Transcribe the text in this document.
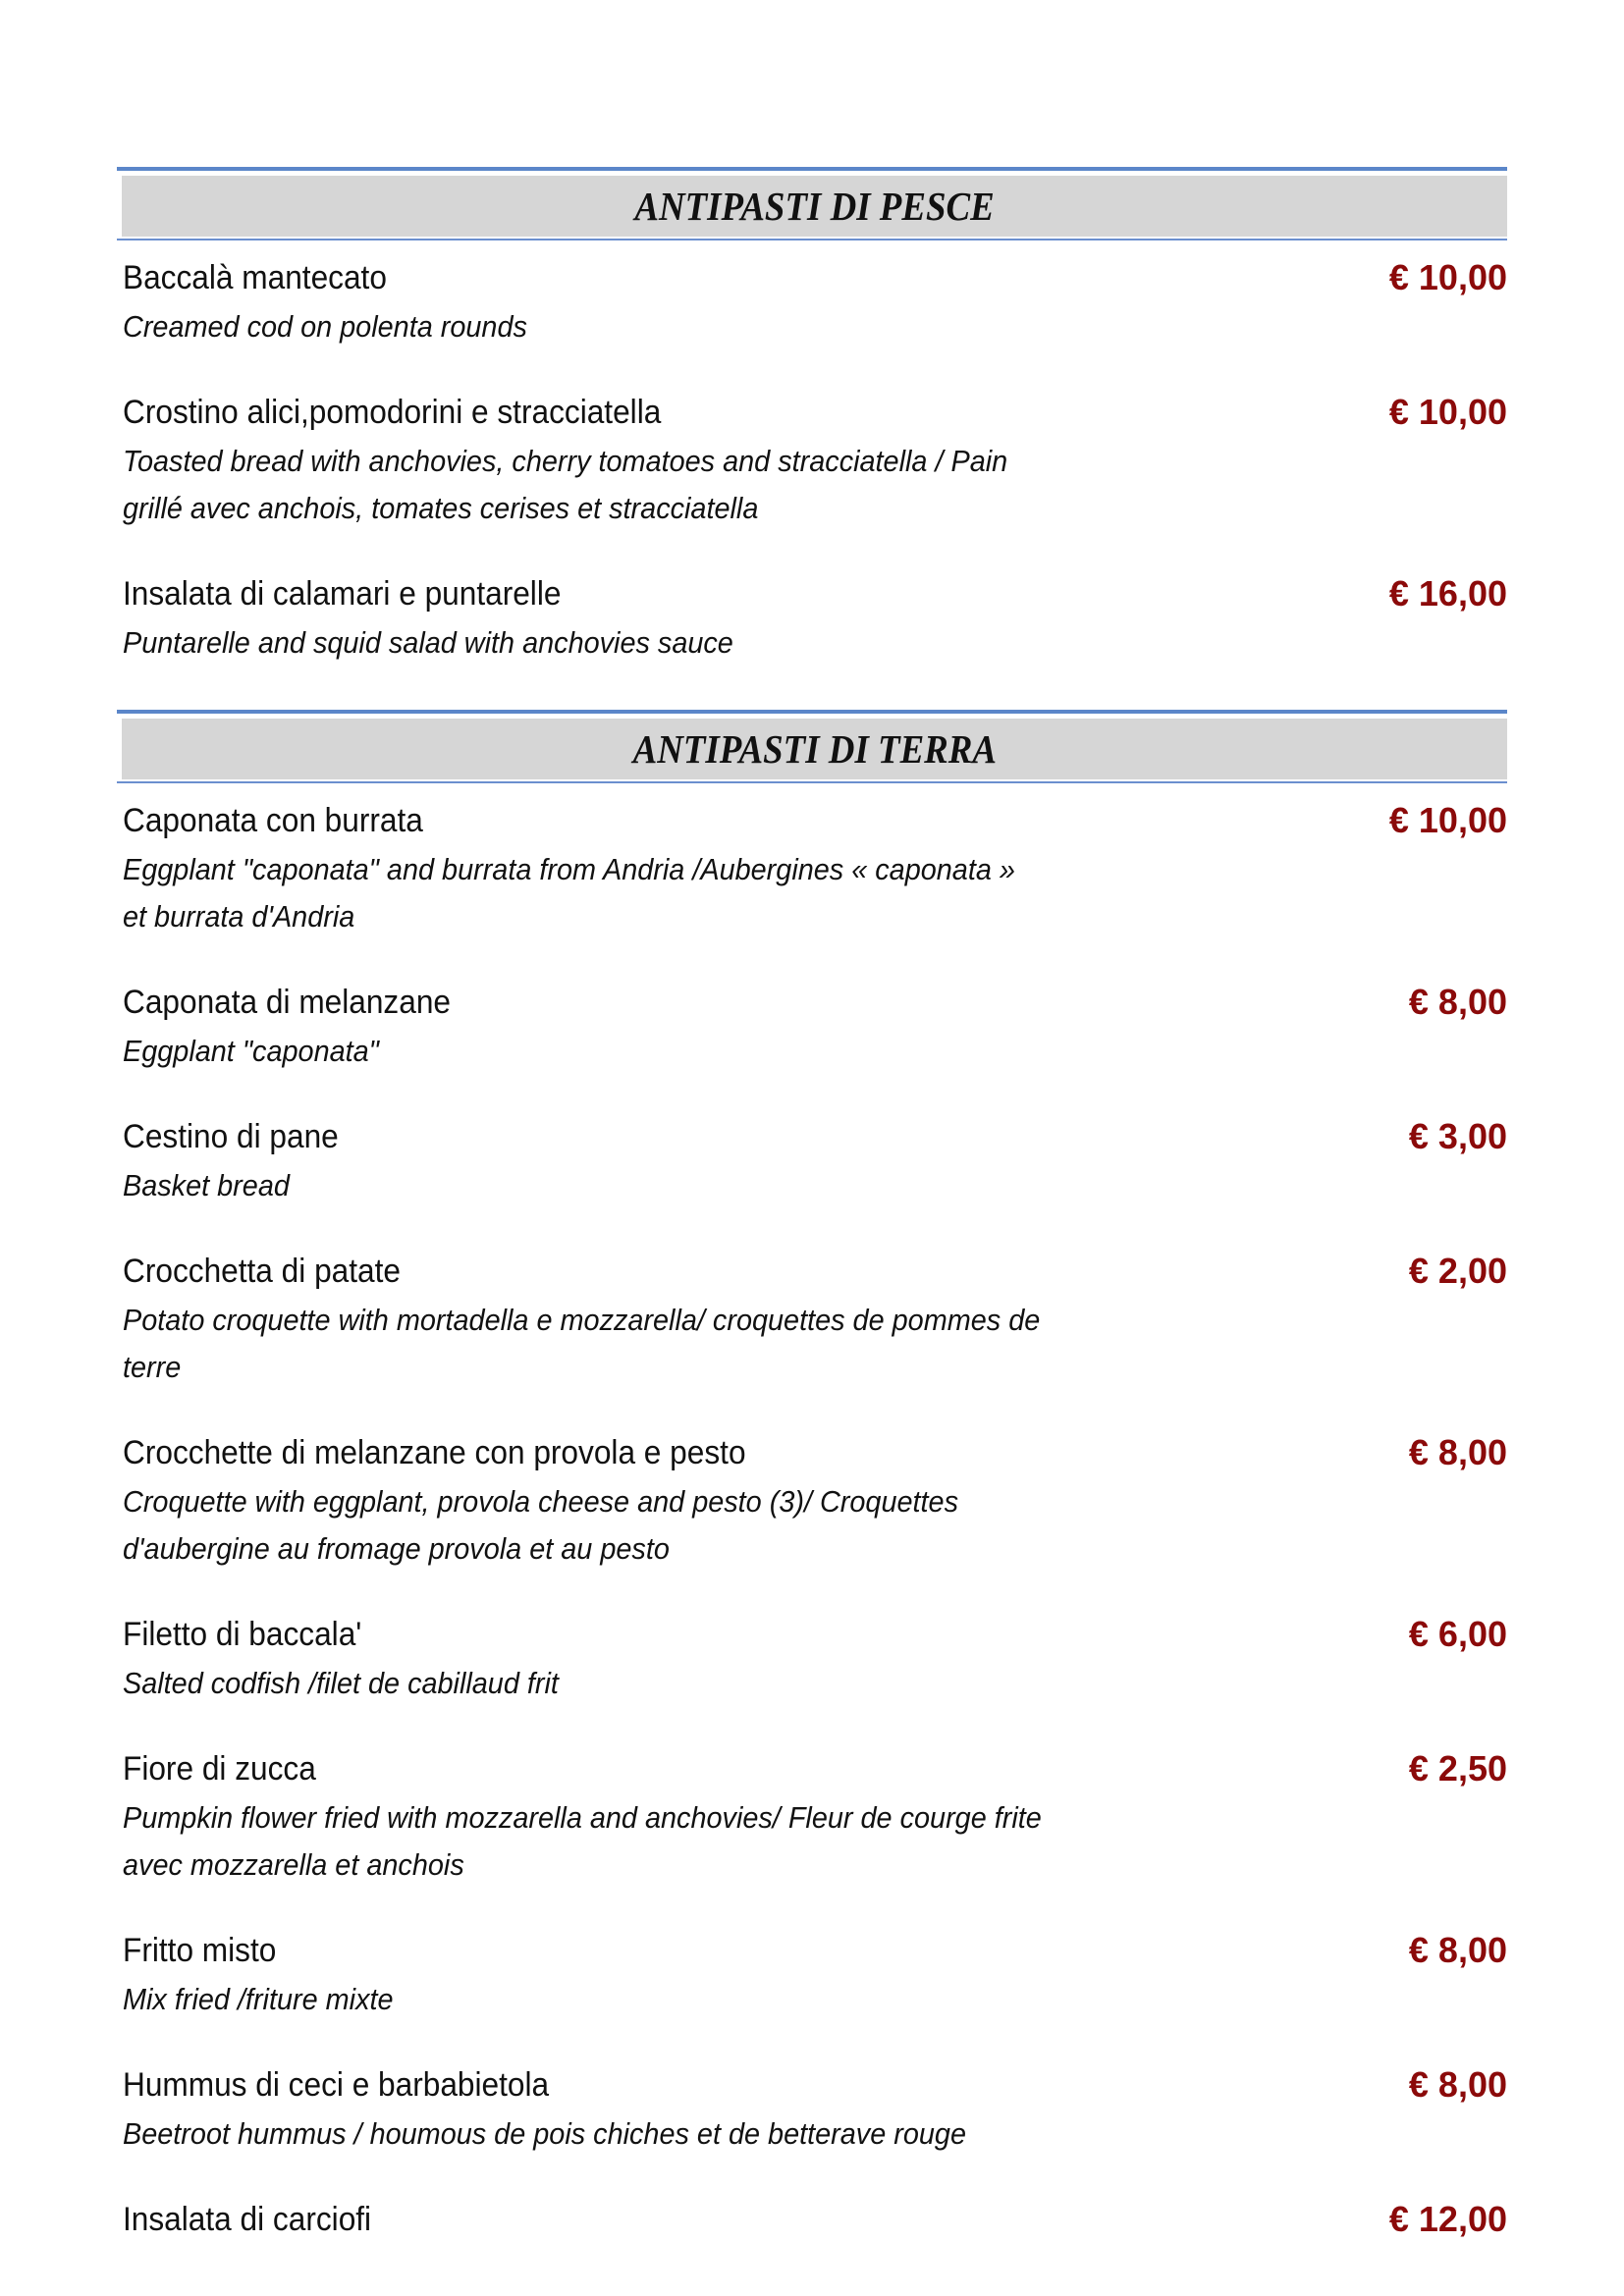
ANTIPASTI DI PESCE
Baccalà mantecato	€ 10,00
Creamed cod on polenta rounds
Crostino alici,pomodorini e stracciatella	€ 10,00
Toasted bread with anchovies, cherry tomatoes and stracciatella / Pain
grillé avec anchois, tomates cerises et stracciatella
Insalata di calamari e puntarelle	€ 16,00
Puntarelle and squid salad with anchovies sauce
ANTIPASTI DI TERRA
Caponata con burrata	€ 10,00
Eggplant "caponata" and burrata from Andria /Aubergines « caponata »
et burrata d'Andria
Caponata di melanzane	€ 8,00
Eggplant "caponata"
Cestino di pane	€ 3,00
Basket bread
Crocchetta di patate	€ 2,00
Potato croquette with mortadella e mozzarella/ croquettes de pommes de
terre
Crocchette di melanzane con provola e pesto	€ 8,00
Croquette with eggplant, provola cheese and pesto (3)/ Croquettes
d'aubergine au fromage provola et au pesto
Filetto di baccala'	€ 6,00
Salted codfish /filet de cabillaud frit
Fiore di zucca	€ 2,50
Pumpkin flower fried with mozzarella and anchovies/ Fleur de courge frite
avec mozzarella et anchois
Fritto misto	€ 8,00
Mix fried /friture mixte
Hummus di ceci e barbabietola	€ 8,00
Beetroot hummus / houmous de pois chiches et de betterave rouge
Insalata di carciofi	€ 12,00
